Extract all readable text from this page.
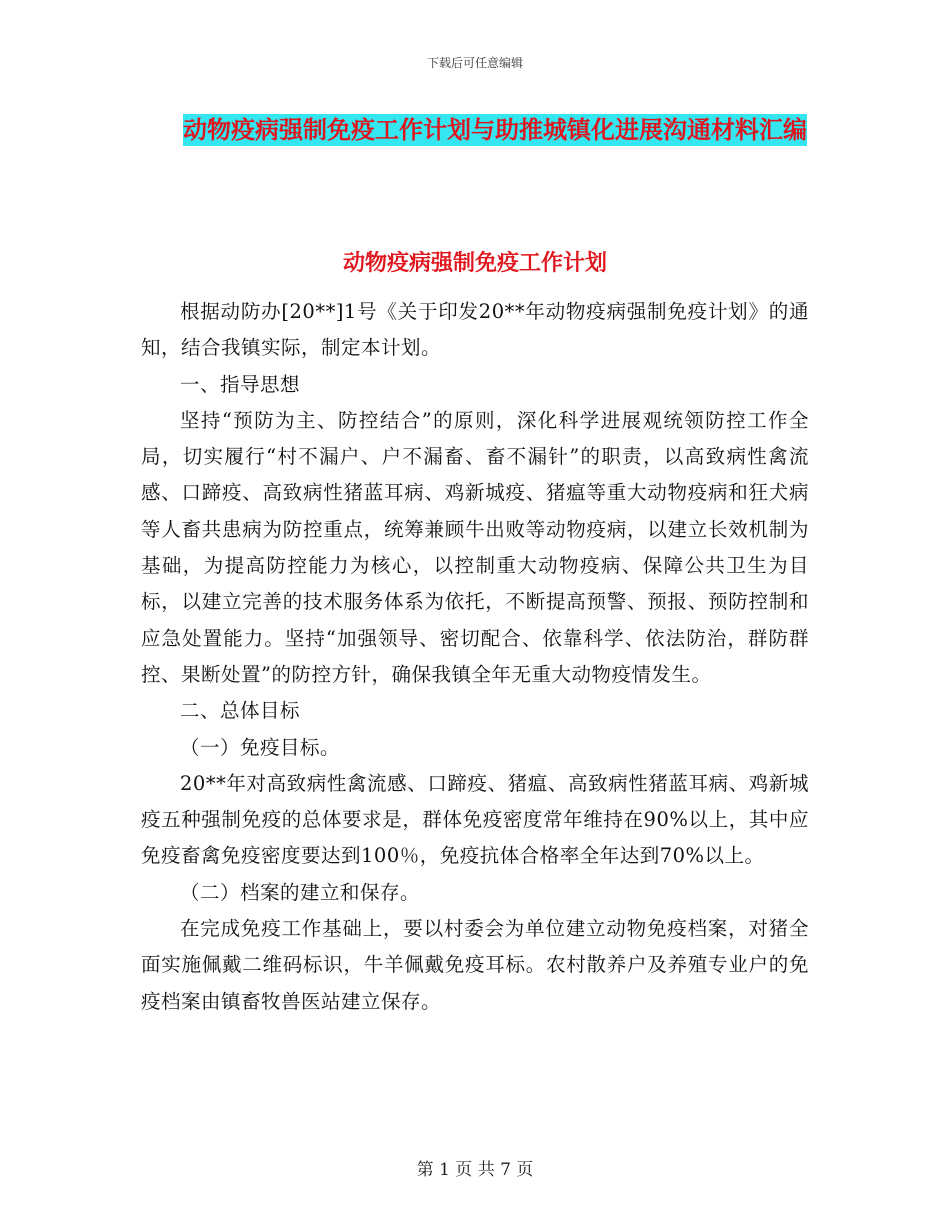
下载后可任意编辑
动物疫病强制免疫工作计划与助推城镇化进展沟通材料汇编
动物疫病强制免疫工作计划

根据动防办[20**]1号《关于印发20**年动物疫病强制免疫计划》的通知，结合我镇实际，制定本计划。

一、指导思想

坚持“预防为主、防控结合”的原则，深化科学进展观统领防控工作全局，切实履行“村不漏户、户不漏畜、畜不漏针”的职责，以高致病性禽流感、口蹄疫、高致病性猪蓝耳病、鸡新城疫、猪瘟等重大动物疫病和狂犬病等人畜共患病为防控重点，统筹兼顾牛出败等动物疫病，以建立长效机制为基础，为提高防控能力为核心，以控制重大动物疫病、保障公共卫生为目标，以建立完善的技术服务体系为依托，不断提高预警、预报、预防控制和应急处置能力。坚持“加强领导、密切配合、依靠科学、依法防治，群防群控、果断处置”的防控方针，确保我镇全年无重大动物疫情发生。

二、总体目标

（一）免疫目标。

20**年对高致病性禽流感、口蹄疫、猪瘟、高致病性猪蓝耳病、鸡新城疫五种强制免疫的总体要求是，群体免疫密度常年维持在90%以上，其中应免疫畜禽免疫密度要达到100％，免疫抗体合格率全年达到70%以上。

（二）档案的建立和保存。

在完成免疫工作基础上，要以村委会为单位建立动物免疫档案，对猪全面实施佩戴二维码标识，牛羊佩戴免疫耳标。农村散养户及养殖专业户的免疫档案由镇畜牧兽医站建立保存。

第 1 页 共 7 页
